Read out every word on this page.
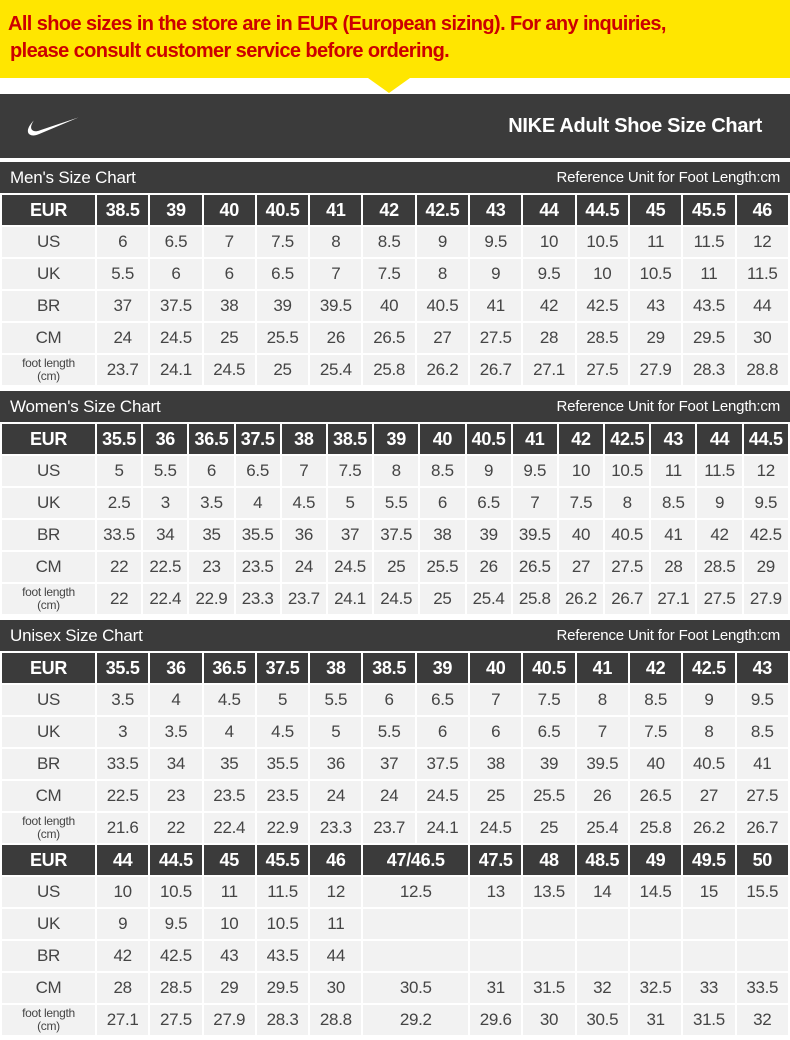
All shoe sizes in the store are in EUR (European sizing). For any inquiries,
please consult customer service before ordering.
NIKE Adult Shoe Size Chart
Men's Size Chart	Reference Unit for Foot Length:cm
EUR	38.5	39	40	40.5	41	42	42.5	43	44	44.5	45	45.5	46
US	6	6.5	7	7.5	8	8.5	9	9.5	10	10.5	11	11.5	12
UK	5.5	6	6	6.5	7	7.5	8	9	9.5	10	10.5	11	11.5
BR	37	37.5	38	39	39.5	40	40.5	41	42	42.5	43	43.5	44
CM	24	24.5	25	25.5	26	26.5	27	27.5	28	28.5	29	29.5	30
foot length
(cm)	23.7	24.1	24.5	25	25.4	25.8	26.2	26.7	27.1	27.5	27.9	28.3	28.8
Women's Size Chart	Reference Unit for Foot Length:cm
EUR	35.5	36	36.5	37.5	38	38.5	39	40	40.5	41	42	42.5	43	44	44.5
US	5	5.5	6	6.5	7	7.5	8	8.5	9	9.5	10	10.5	11	11.5	12
UK	2.5	3	3.5	4	4.5	5	5.5	6	6.5	7	7.5	8	8.5	9	9.5
BR	33.5	34	35	35.5	36	37	37.5	38	39	39.5	40	40.5	41	42	42.5
CM	22	22.5	23	23.5	24	24.5	25	25.5	26	26.5	27	27.5	28	28.5	29
foot length
(cm)	22	22.4	22.9	23.3	23.7	24.1	24.5	25	25.4	25.8	26.2	26.7	27.1	27.5	27.9
Unisex Size Chart	Reference Unit for Foot Length:cm
EUR	35.5	36	36.5	37.5	38	38.5	39	40	40.5	41	42	42.5	43
US	3.5	4	4.5	5	5.5	6	6.5	7	7.5	8	8.5	9	9.5
UK	3	3.5	4	4.5	5	5.5	6	6	6.5	7	7.5	8	8.5
BR	33.5	34	35	35.5	36	37	37.5	38	39	39.5	40	40.5	41
CM	22.5	23	23.5	23.5	24	24	24.5	25	25.5	26	26.5	27	27.5
foot length
(cm)	21.6	22	22.4	22.9	23.3	23.7	24.1	24.5	25	25.4	25.8	26.2	26.7
EUR	44	44.5	45	45.5	46	47/46.5		47.5	48	48.5	49	49.5	50
US	10	10.5	11	11.5	12	12.5		13	13.5	14	14.5	15	15.5
UK	9	9.5	10	10.5	11								
BR	42	42.5	43	43.5	44								
CM	28	28.5	29	29.5	30	30.5		31	31.5	32	32.5	33	33.5
foot length
(cm)	27.1	27.5	27.9	28.3	28.8	29.2		29.6	30	30.5	31	31.5	32
